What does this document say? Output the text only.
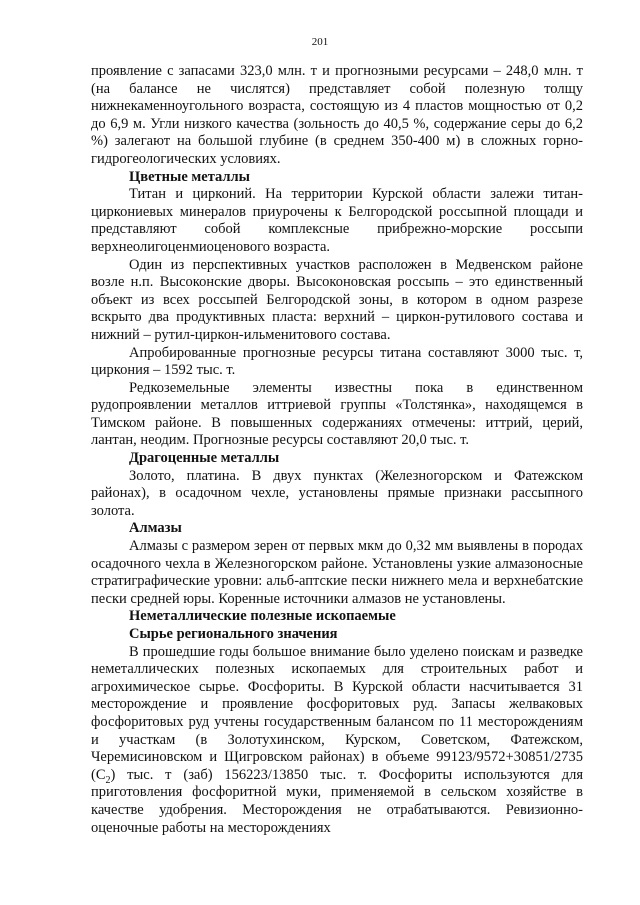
201

проявление с запасами 323,0 млн. т и прогнозными ресурсами – 248,0 млн. т (на балансе не числятся) представляет собой полезную толщу нижнекаменноугольного возраста, состоящую из 4 пластов мощностью от 0,2 до 6,9 м. Угли низкого качества (зольность до 40,5 %, содержание серы до 6,2 %) залегают на большой глубине (в среднем 350-400 м) в сложных горно-гидрогеологических условиях.

Цветные металлы

Титан и цирконий. На территории Курской области залежи титан-циркониевых минералов приурочены к Белгородской россыпной площади и представляют собой комплексные прибрежно-морские россыпи верхнеолигоценмиоценового возраста.

Один из перспективных участков расположен в Медвенском районе возле н.п. Высоконские дворы. Высоконовская россыпь – это единственный объект из всех россыпей Белгородской зоны, в котором в одном разрезе вскрыто два продуктивных пласта: верхний – циркон-рутилового состава и нижний – рутил-циркон-ильменитового состава.

Апробированные прогнозные ресурсы титана составляют 3000 тыс. т, циркония – 1592 тыс. т.

Редкоземельные элементы известны пока в единственном рудопроявлении металлов иттриевой группы «Толстянка», находящемся в Тимском районе. В повышенных содержаниях отмечены: иттрий, церий, лантан, неодим. Прогнозные ресурсы составляют 20,0 тыс. т.

Драгоценные металлы

Золото, платина. В двух пунктах (Железногорском и Фатежском районах), в осадочном чехле, установлены прямые признаки рассыпного золота.

Алмазы

Алмазы с размером зерен от первых мкм до 0,32 мм выявлены в породах осадочного чехла в Железногорском районе. Установлены узкие алмазоносные стратиграфические уровни: альб-аптские пески нижнего мела и верхнебатские пески средней юры. Коренные источники алмазов не установлены.

Неметаллические полезные ископаемые
Сырье регионального значения

В прошедшие годы большое внимание было уделено поискам и разведке неметаллических полезных ископаемых для строительных работ и агрохимическое сырье. Фосфориты. В Курской области насчитывается 31 месторождение и проявление фосфоритовых руд. Запасы желваковых фосфоритовых руд учтены государственным балансом по 11 месторождениям и участкам (в Золотухинском, Курском, Советском, Фатежском, Черемисиновском и Щигровском районах) в объеме 99123/9572+30851/2735 $(С_2)$ тыс. т (заб) 156223/13850 тыс. т. Фосфориты используются для приготовления фосфоритной муки, применяемой в сельском хозяйстве в качестве удобрения. Месторождения не отрабатываются. Ревизионно-оценочные работы на месторождениях
